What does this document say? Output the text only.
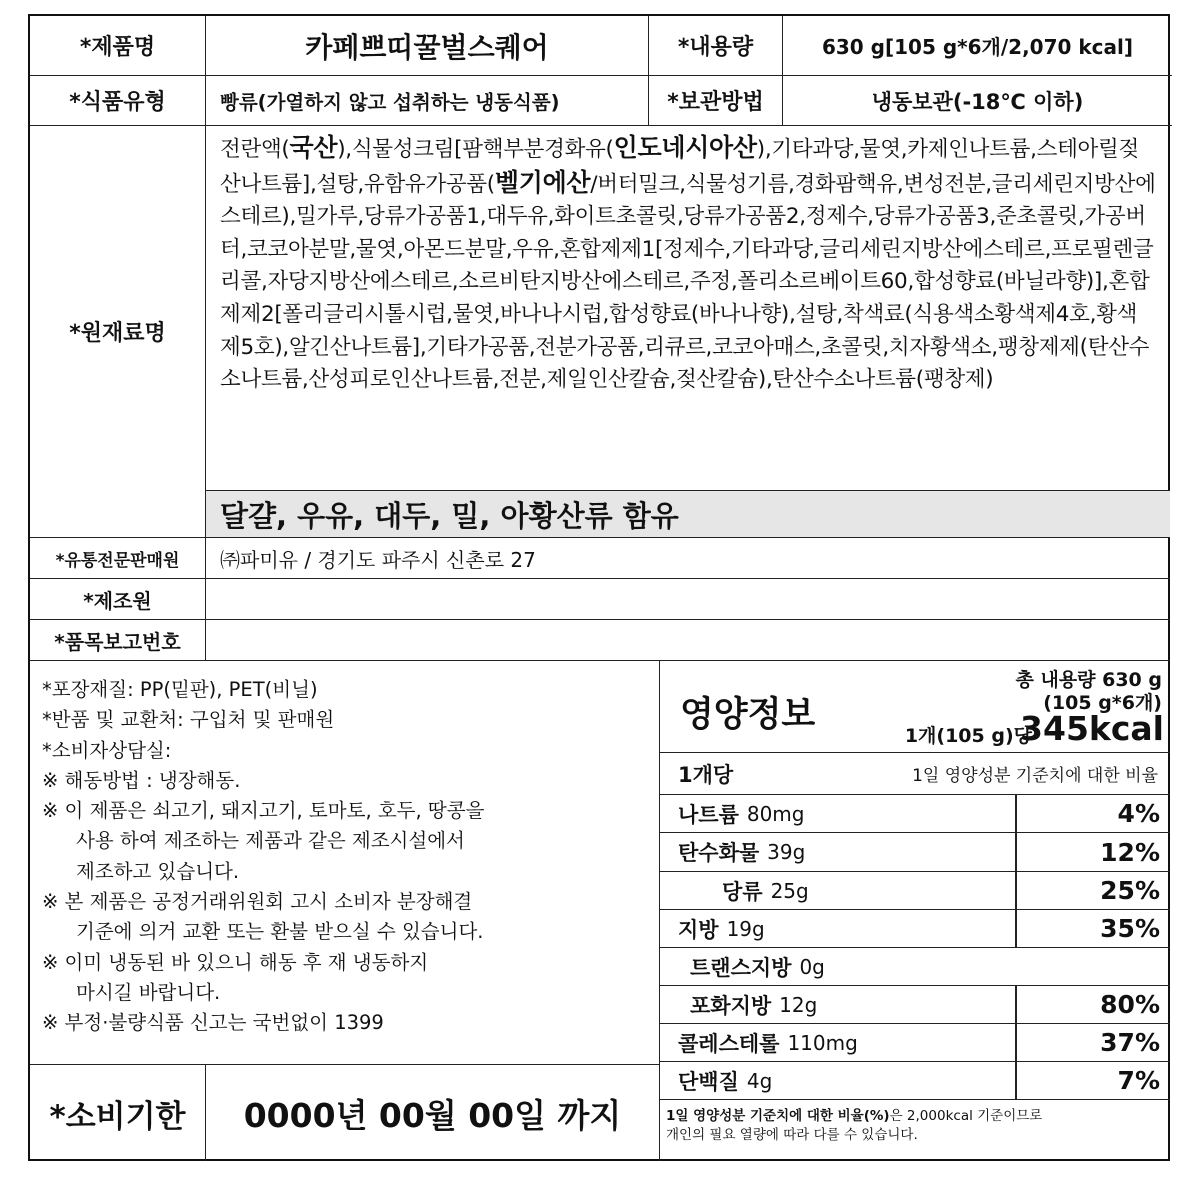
*제품명	카페쁘띠꿀벌스퀘어	*내용량	630 g[105 g*6개/2,070 kcal]
*식품유형	빵류(가열하지 않고 섭취하는 냉동식품)	*보관방법	냉동보관(-18℃ 이하)
*원재료명
전란액(국산),식물성크림[팜핵부분경화유(인도네시아산),기타과당,물엿,카제인나트륨,스테아릴젖산나트륨],설탕,유함유가공품(벨기에산/버터밀크,식물성기름,경화팜핵유,변성전분,글리세린지방산에스테르),밀가루,당류가공품1,대두유,화이트초콜릿,당류가공품2,정제수,당류가공품3,준초콜릿,가공버터,코코아분말,물엿,아몬드분말,우유,혼합제제1[정제수,기타과당,글리세린지방산에스테르,프로필렌글리콜,자당지방산에스테르,소르비탄지방산에스테르,주정,폴리소르베이트60,합성향료(바닐라향)],혼합제제2[폴리글리시톨시럽,물엿,바나나시럽,합성향료(바나나향),설탕,착색료(식용색소황색제4호,황색제5호),알긴산나트륨],기타가공품,전분가공품,리큐르,코코아매스,초콜릿,치자황색소,팽창제제(탄산수소나트륨,산성피로인산나트륨,전분,제일인산칼슘,젖산칼슘),탄산수소나트륨(팽창제)
달걀, 우유, 대두, 밀, 아황산류 함유
*유통전문판매원	㈜파미유 / 경기도 파주시 신촌로 27
*제조원
*품목보고번호
*포장재질: PP(밑판), PET(비닐)
*반품 및 교환처: 구입처 및 판매원
*소비자상담실:
※ 해동방법 : 냉장해동.
※ 이 제품은 쇠고기, 돼지고기, 토마토, 호두, 땅콩을
사용 하여 제조하는 제품과 같은 제조시설에서
제조하고 있습니다.
※ 본 제품은 공정거래위원회 고시 소비자 분장해결
기준에 의거 교환 또는 환불 받으실 수 있습니다.
※ 이미 냉동된 바 있으니 해동 후 재 냉동하지
마시길 바랍니다.
※ 부정·불량식품 신고는 국번없이 1399
*소비기한	0000년 00월 00일 까지
영양정보
총 내용량 630 g
(105 g*6개)
1개(105 g)당
345kcal
1개당	1일 영양성분 기준치에 대한 비율
나트륨 80mg	4%
탄수화물 39g	12%
당류 25g	25%
지방 19g	35%
트랜스지방 0g
포화지방 12g	80%
콜레스테롤 110mg	37%
단백질 4g	7%
1일 영양성분 기준치에 대한 비율(%)은 2,000kcal 기준이므로
개인의 필요 열량에 따라 다를 수 있습니다.
